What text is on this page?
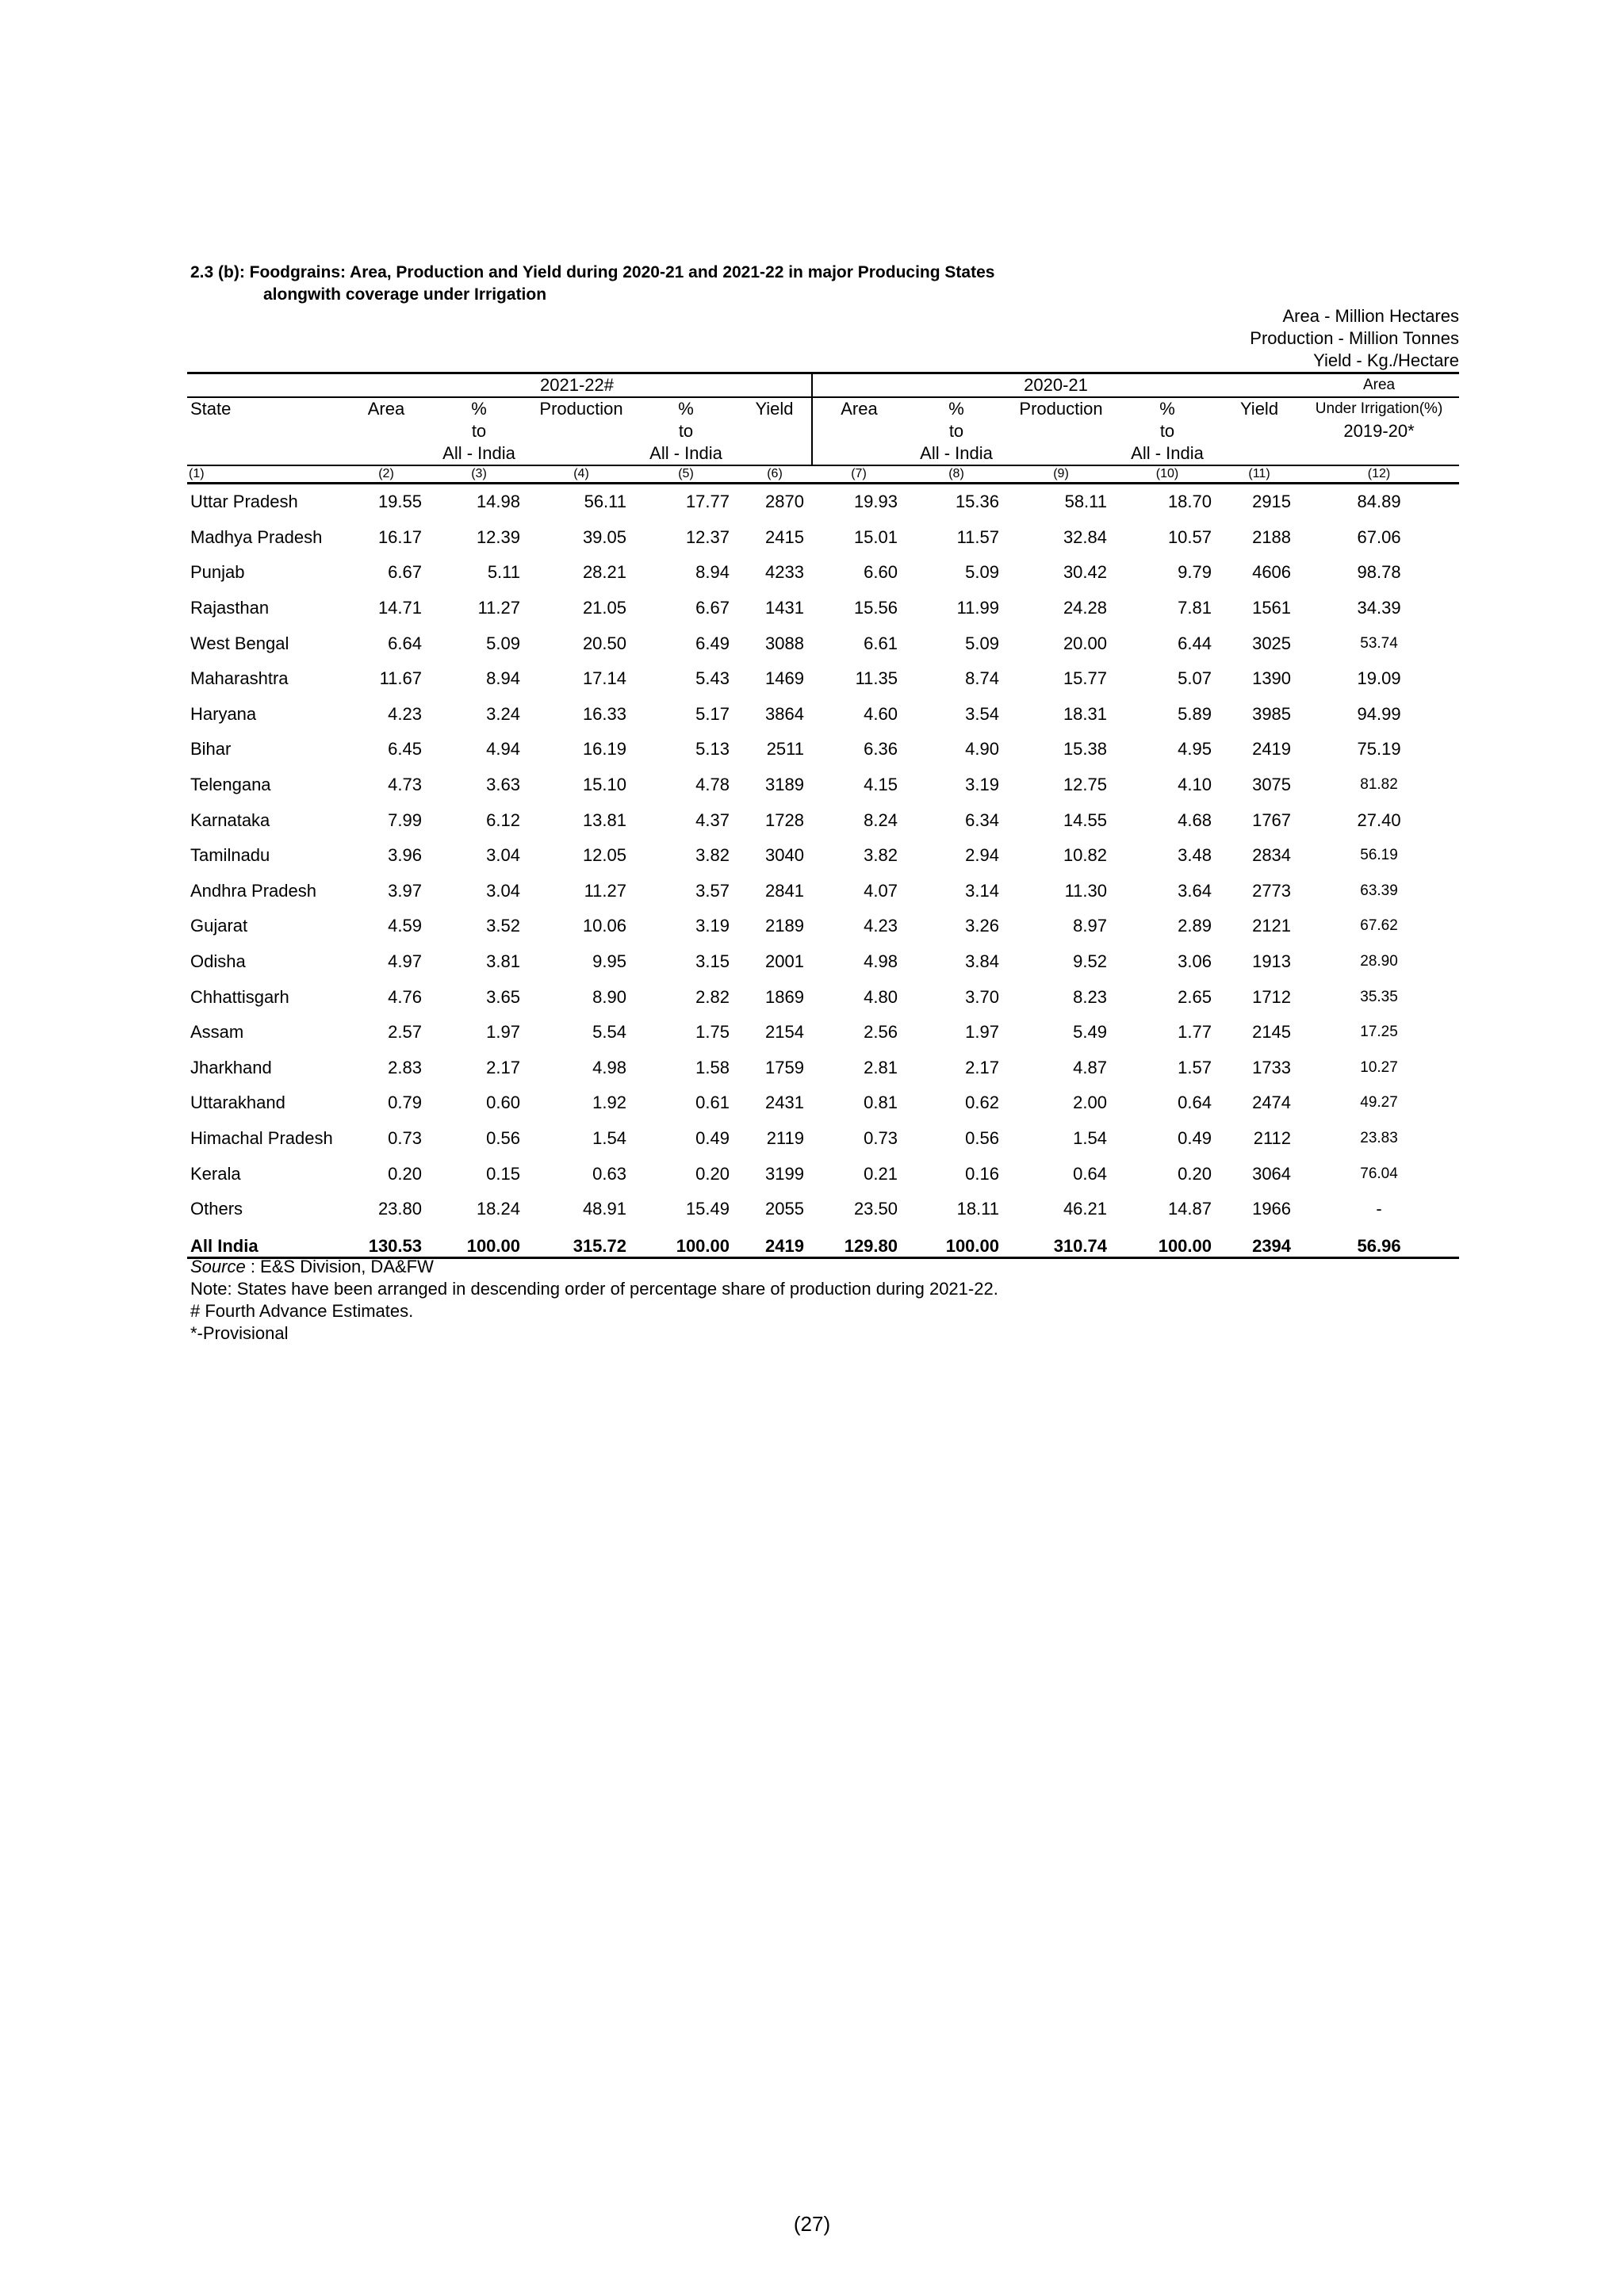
2.3 (b): Foodgrains: Area, Production and Yield during 2020-21 and 2021-22 in major Producing States
alongwith coverage under Irrigation
Area - Million Hectares
Production - Million Tonnes
Yield - Kg./Hectare
	2021-22#					2020-21					Area
State	Area	%	Production	%	Yield	Area	%	Production	%	Yield	Under Irrigation(%)
		to		to			to		to		2019-20*
		All - India		All - India			All - India		All - India		
(1)	(2)	(3)	(4)	(5)	(6)	(7)	(8)	(9)	(10)	(11)	(12)
Uttar Pradesh	19.55	14.98	56.11	17.77	2870	19.93	15.36	58.11	18.70	2915	84.89
Madhya Pradesh	16.17	12.39	39.05	12.37	2415	15.01	11.57	32.84	10.57	2188	67.06
Punjab	6.67	5.11	28.21	8.94	4233	6.60	5.09	30.42	9.79	4606	98.78
Rajasthan	14.71	11.27	21.05	6.67	1431	15.56	11.99	24.28	7.81	1561	34.39
West Bengal	6.64	5.09	20.50	6.49	3088	6.61	5.09	20.00	6.44	3025	53.74
Maharashtra	11.67	8.94	17.14	5.43	1469	11.35	8.74	15.77	5.07	1390	19.09
Haryana	4.23	3.24	16.33	5.17	3864	4.60	3.54	18.31	5.89	3985	94.99
Bihar	6.45	4.94	16.19	5.13	2511	6.36	4.90	15.38	4.95	2419	75.19
Telengana	4.73	3.63	15.10	4.78	3189	4.15	3.19	12.75	4.10	3075	81.82
Karnataka	7.99	6.12	13.81	4.37	1728	8.24	6.34	14.55	4.68	1767	27.40
Tamilnadu	3.96	3.04	12.05	3.82	3040	3.82	2.94	10.82	3.48	2834	56.19
Andhra Pradesh	3.97	3.04	11.27	3.57	2841	4.07	3.14	11.30	3.64	2773	63.39
Gujarat	4.59	3.52	10.06	3.19	2189	4.23	3.26	8.97	2.89	2121	67.62
Odisha	4.97	3.81	9.95	3.15	2001	4.98	3.84	9.52	3.06	1913	28.90
Chhattisgarh	4.76	3.65	8.90	2.82	1869	4.80	3.70	8.23	2.65	1712	35.35
Assam	2.57	1.97	5.54	1.75	2154	2.56	1.97	5.49	1.77	2145	17.25
Jharkhand	2.83	2.17	4.98	1.58	1759	2.81	2.17	4.87	1.57	1733	10.27
Uttarakhand	0.79	0.60	1.92	0.61	2431	0.81	0.62	2.00	0.64	2474	49.27
Himachal Pradesh	0.73	0.56	1.54	0.49	2119	0.73	0.56	1.54	0.49	2112	23.83
Kerala	0.20	0.15	0.63	0.20	3199	0.21	0.16	0.64	0.20	3064	76.04
Others	23.80	18.24	48.91	15.49	2055	23.50	18.11	46.21	14.87	1966	-
All India	130.53	100.00	315.72	100.00	2419	129.80	100.00	310.74	100.00	2394	56.96
Source : E&S Division, DA&FW
Note: States have been arranged in descending order of percentage share of production during 2021-22.
# Fourth Advance Estimates.
*-Provisional
(27)
